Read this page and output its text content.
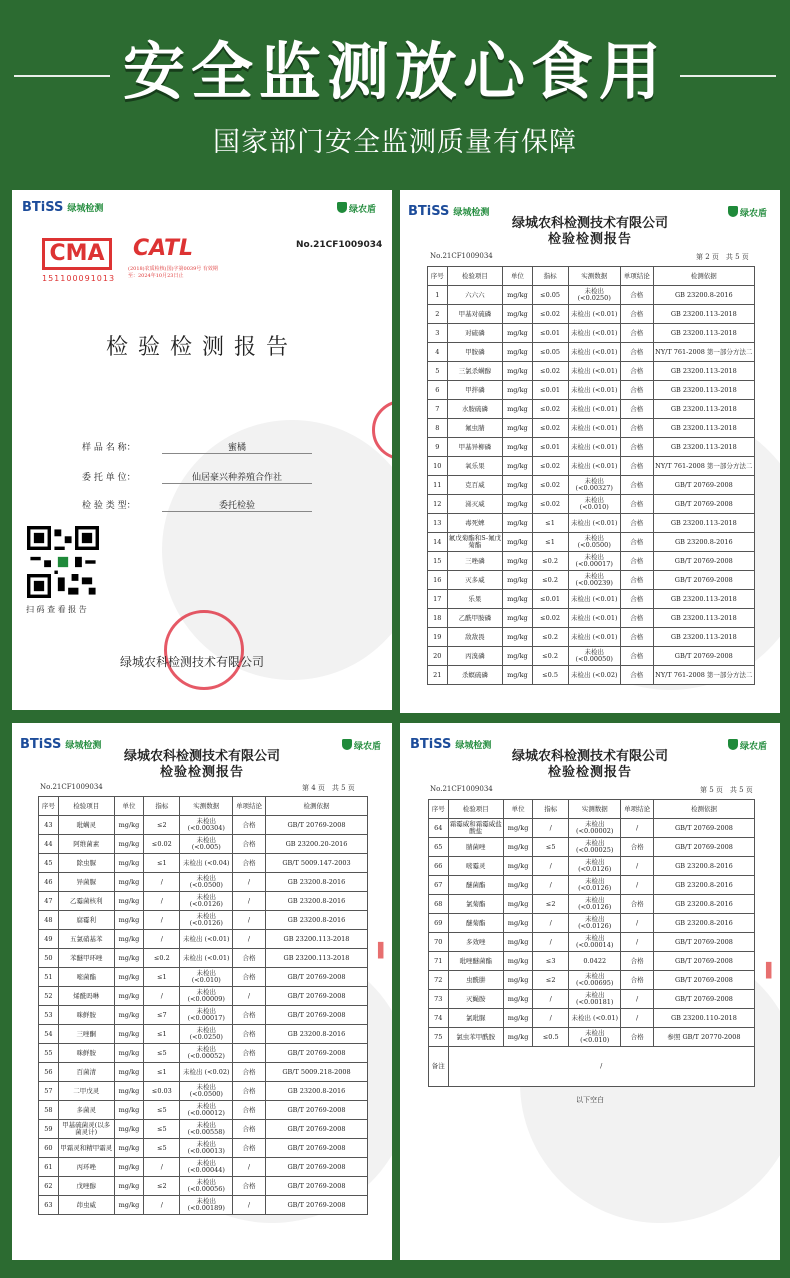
安全监测放心食用
国家部门安全监测质量有保障
BTiSS 绿城检测	绿农盾
CMA
151100091013
CATL
(2018)农质检核(国)字第0039号 有效期至：2024年10月23日止
No.21CF1009034
检验检测报告
样 品 名 称：	蜜橘
委 托 单 位：	仙居豪兴种养殖合作社
检 验 类 型：	委托检验
扫 码 查 看 报 告
绿城农科检测技术有限公司
BTiSS 绿城检测	绿农盾
绿城农科检测技术有限公司
检验检测报告
No.21CF1009034	第 2 页　共 5 页
序号	检验项目	单位	指标	实测数据	单项结论	检测依据
1	六六六	mg/kg	≤0.05	未检出 (<0.0250)	合格	GB 23200.8-2016
2	甲基对硫磷	mg/kg	≤0.02	未检出 (<0.01)	合格	GB 23200.113-2018
3	对硫磷	mg/kg	≤0.01	未检出 (<0.01)	合格	GB 23200.113-2018
4	甲胺磷	mg/kg	≤0.05	未检出 (<0.01)	合格	NY/T 761-2008 第一部分方法二
5	三氯杀螨醇	mg/kg	≤0.02	未检出 (<0.01)	合格	GB 23200.113-2018
6	甲拌磷	mg/kg	≤0.01	未检出 (<0.01)	合格	GB 23200.113-2018
7	水胺硫磷	mg/kg	≤0.02	未检出 (<0.01)	合格	GB 23200.113-2018
8	氟虫腈	mg/kg	≤0.02	未检出 (<0.01)	合格	GB 23200.113-2018
9	甲基异柳磷	mg/kg	≤0.01	未检出 (<0.01)	合格	GB 23200.113-2018
10	氧乐果	mg/kg	≤0.02	未检出 (<0.01)	合格	NY/T 761-2008 第一部分方法二
11	克百威	mg/kg	≤0.02	未检出 (<0.00327)	合格	GB/T 20769-2008
12	涕灭威	mg/kg	≤0.02	未检出 (<0.010)	合格	GB/T 20769-2008
13	毒死蜱	mg/kg	≤1	未检出 (<0.01)	合格	GB 23200.113-2018
14	氟戊菊酯和S-氟戊菊酯	mg/kg	≤1	未检出 (<0.0500)	合格	GB 23200.8-2016
15	三唑磷	mg/kg	≤0.2	未检出 (<0.00017)	合格	GB/T 20769-2008
16	灭多威	mg/kg	≤0.2	未检出 (<0.00239)	合格	GB/T 20769-2008
17	乐果	mg/kg	≤0.01	未检出 (<0.01)	合格	GB 23200.113-2018
18	乙酰甲胺磷	mg/kg	≤0.02	未检出 (<0.01)	合格	GB 23200.113-2018
19	敌敌畏	mg/kg	≤0.2	未检出 (<0.01)	合格	GB 23200.113-2018
20	丙溴磷	mg/kg	≤0.2	未检出 (<0.00050)	合格	GB/T 20769-2008
21	杀螟硫磷	mg/kg	≤0.5	未检出 (<0.02)	合格	NY/T 761-2008 第一部分方法二
BTiSS 绿城检测	绿农盾
绿城农科检测技术有限公司
检验检测报告
No.21CF1009034	第 4 页　共 5 页
序号	检验项目	单位	指标	实测数据	单项结论	检测依据
43	吡螨灵	mg/kg	≤2	未检出 (<0.00304)	合格	GB/T 20769-2008
44	阿维菌素	mg/kg	≤0.02	未检出 (<0.005)	合格	GB 23200.20-2016
45	除虫脲	mg/kg	≤1	未检出 (<0.04)	合格	GB/T 5009.147-2003
46	异菌脲	mg/kg	/	未检出 (<0.0500)	/	GB 23200.8-2016
47	乙霉菌核利	mg/kg	/	未检出 (<0.0126)	/	GB 23200.8-2016
48	腐霉利	mg/kg	/	未检出 (<0.0126)	/	GB 23200.8-2016
49	五氯硝基苯	mg/kg	/	未检出 (<0.01)	/	GB 23200.113-2018
50	苯醚甲环唑	mg/kg	≤0.2	未检出 (<0.01)	合格	GB 23200.113-2018
51	嘧菌酯	mg/kg	≤1	未检出 (<0.010)	合格	GB/T 20769-2008
52	烯酰吗啉	mg/kg	/	未检出 (<0.00009)	/	GB/T 20769-2008
53	咪鲜胺	mg/kg	≤7	未检出 (<0.00017)	合格	GB/T 20769-2008
54	三唑酮	mg/kg	≤1	未检出 (<0.0250)	合格	GB 23200.8-2016
55	咪鲜胺	mg/kg	≤5	未检出 (<0.00052)	合格	GB/T 20769-2008
56	百菌清	mg/kg	≤1	未检出 (<0.02)	合格	GB/T 5009.218-2008
57	二甲戊灵	mg/kg	≤0.03	未检出 (<0.0500)	合格	GB 23200.8-2016
58	多菌灵	mg/kg	≤5	未检出 (<0.00012)	合格	GB/T 20769-2008
59	甲基硫菌灵(以多菌灵计)	mg/kg	≤5	未检出 (<0.00558)	合格	GB/T 20769-2008
60	甲霜灵和精甲霜灵	mg/kg	≤5	未检出 (<0.00013)	合格	GB/T 20769-2008
61	丙环唑	mg/kg	/	未检出 (<0.00044)	/	GB/T 20769-2008
62	戊唑醇	mg/kg	≤2	未检出 (<0.00056)	合格	GB/T 20769-2008
63	茚虫威	mg/kg	/	未检出 (<0.00189)	/	GB/T 20769-2008
▌
BTiSS 绿城检测	绿农盾
绿城农科检测技术有限公司
检验检测报告
No.21CF1009034	第 5 页　共 5 页
序号	检验项目	单位	指标	实测数据	单项结论	检测依据
64	霜霉威和霜霉威盐酸盐	mg/kg	/	未检出 (<0.00002)	/	GB/T 20769-2008
65	腈菌唑	mg/kg	≤5	未检出 (<0.00025)	合格	GB/T 20769-2008
66	嘧霉灵	mg/kg	/	未检出 (<0.0126)	/	GB 23200.8-2016
67	醚菌酯	mg/kg	/	未检出 (<0.0126)	/	GB 23200.8-2016
68	氯菊酯	mg/kg	≤2	未检出 (<0.0126)	合格	GB 23200.8-2016
69	醚菊酯	mg/kg	/	未检出 (<0.0126)	/	GB 23200.8-2016
70	多效唑	mg/kg	/	未检出 (<0.00014)	/	GB/T 20769-2008
71	吡唑醚菌酯	mg/kg	≤3	0.0422	合格	GB/T 20769-2008
72	虫酰肼	mg/kg	≤2	未检出 (<0.00695)	合格	GB/T 20769-2008
73	灭蝇胺	mg/kg	/	未检出 (<0.00181)	/	GB/T 20769-2008
74	氯吡脲	mg/kg	/	未检出 (<0.01)	/	GB 23200.110-2018
75	氯虫苯甲酰胺	mg/kg	≤0.5	未检出 (<0.010)	合格	参照 GB/T 20770-2008
备注	/					
以下空白
▌
